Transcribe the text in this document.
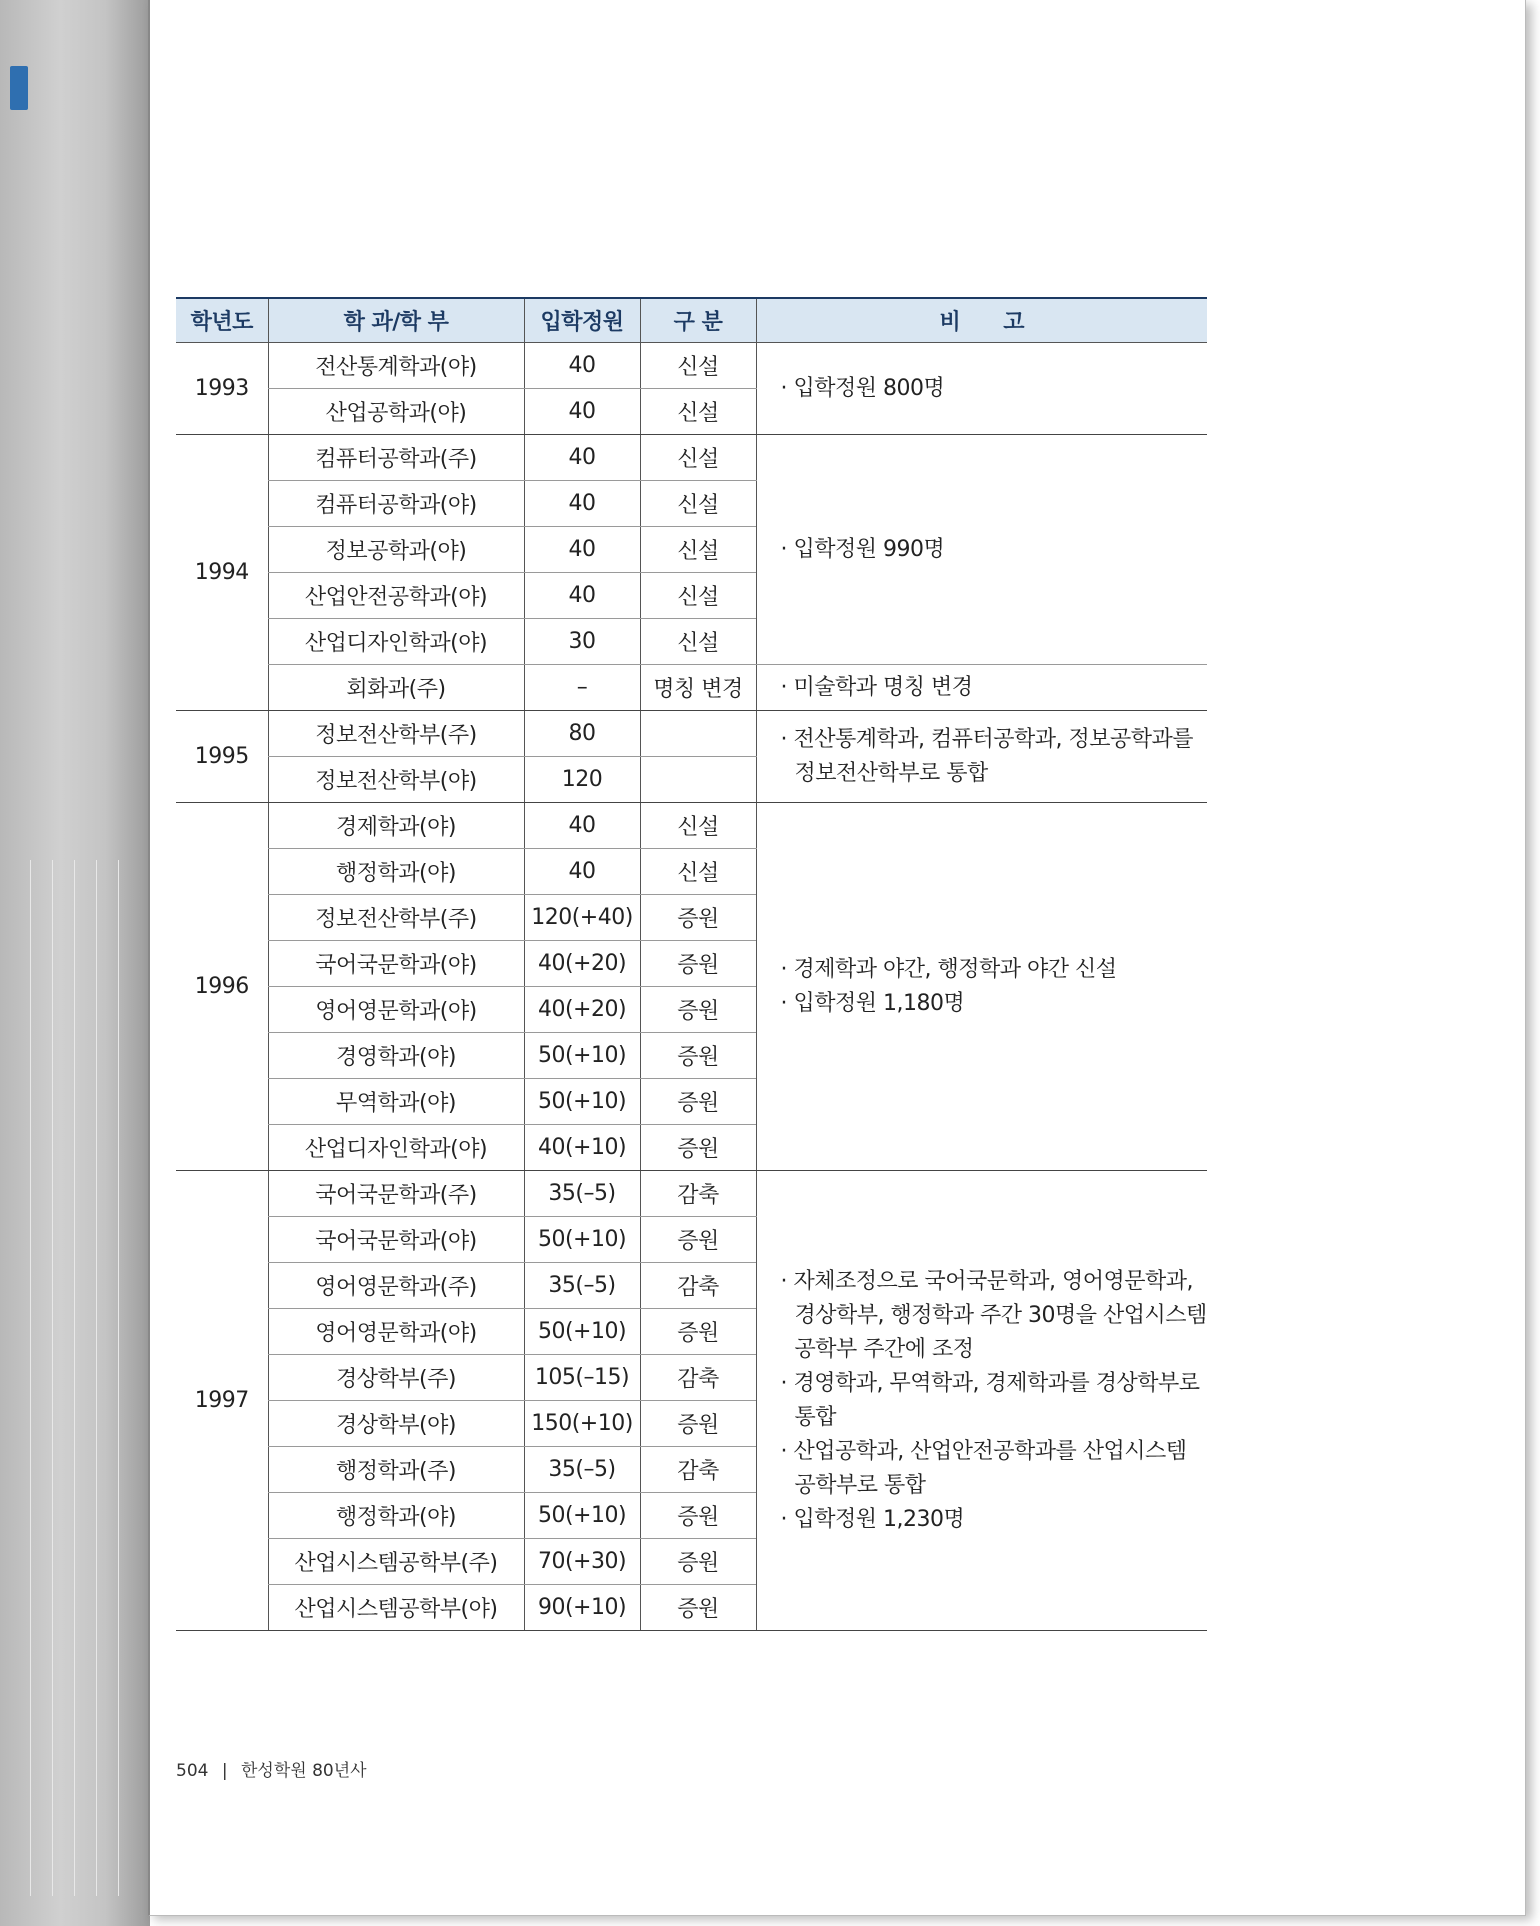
학년도	학 과/학 부	입학정원	구 분	비　　고
1993	전산통계학과(야)	40	신설	· 입학정원 800명

	산업공학과(야)	40	신설	
1994	컴퓨터공학과(주)	40	신설	· 입학정원 990명

	컴퓨터공학과(야)	40	신설	
	정보공학과(야)	40	신설	
	산업안전공학과(야)	40	신설	
	산업디자인학과(야)	30	신설	
	회화과(주)	–	명칭 변경	· 미술학과 명칭 변경

1995	정보전산학부(주)	80		· 전산통계학과, 컴퓨터공학과, 정보공학과를 정보전산학부로 통합

	정보전산학부(야)	120		
1996	경제학과(야)	40	신설	· 경제학과 야간, 행정학과 야간 신설
· 입학정원 1,180명

	행정학과(야)	40	신설	
	정보전산학부(주)	120(+40)	증원	
	국어국문학과(야)	40(+20)	증원	
	영어영문학과(야)	40(+20)	증원	
	경영학과(야)	50(+10)	증원	
	무역학과(야)	50(+10)	증원	
	산업디자인학과(야)	40(+10)	증원	
1997	국어국문학과(주)	35(–5)	감축	· 자체조정으로 국어국문학과, 영어영문학과, 경상학부, 행정학과 주간 30명을 산업시스템공학부 주간에 조정
· 경영학과, 무역학과, 경제학과를 경상학부로 통합
· 산업공학과, 산업안전공학과를 산업시스템공학부로 통합
· 입학정원 1,230명

	국어국문학과(야)	50(+10)	증원	
	영어영문학과(주)	35(–5)	감축	
	영어영문학과(야)	50(+10)	증원	
	경상학부(주)	105(–15)	감축	
	경상학부(야)	150(+10)	증원	
	행정학과(주)	35(–5)	감축	
	행정학과(야)	50(+10)	증원	
	산업시스템공학부(주)	70(+30)	증원	
	산업시스템공학부(야)	90(+10)	증원	
504 | 한성학원 80년사
